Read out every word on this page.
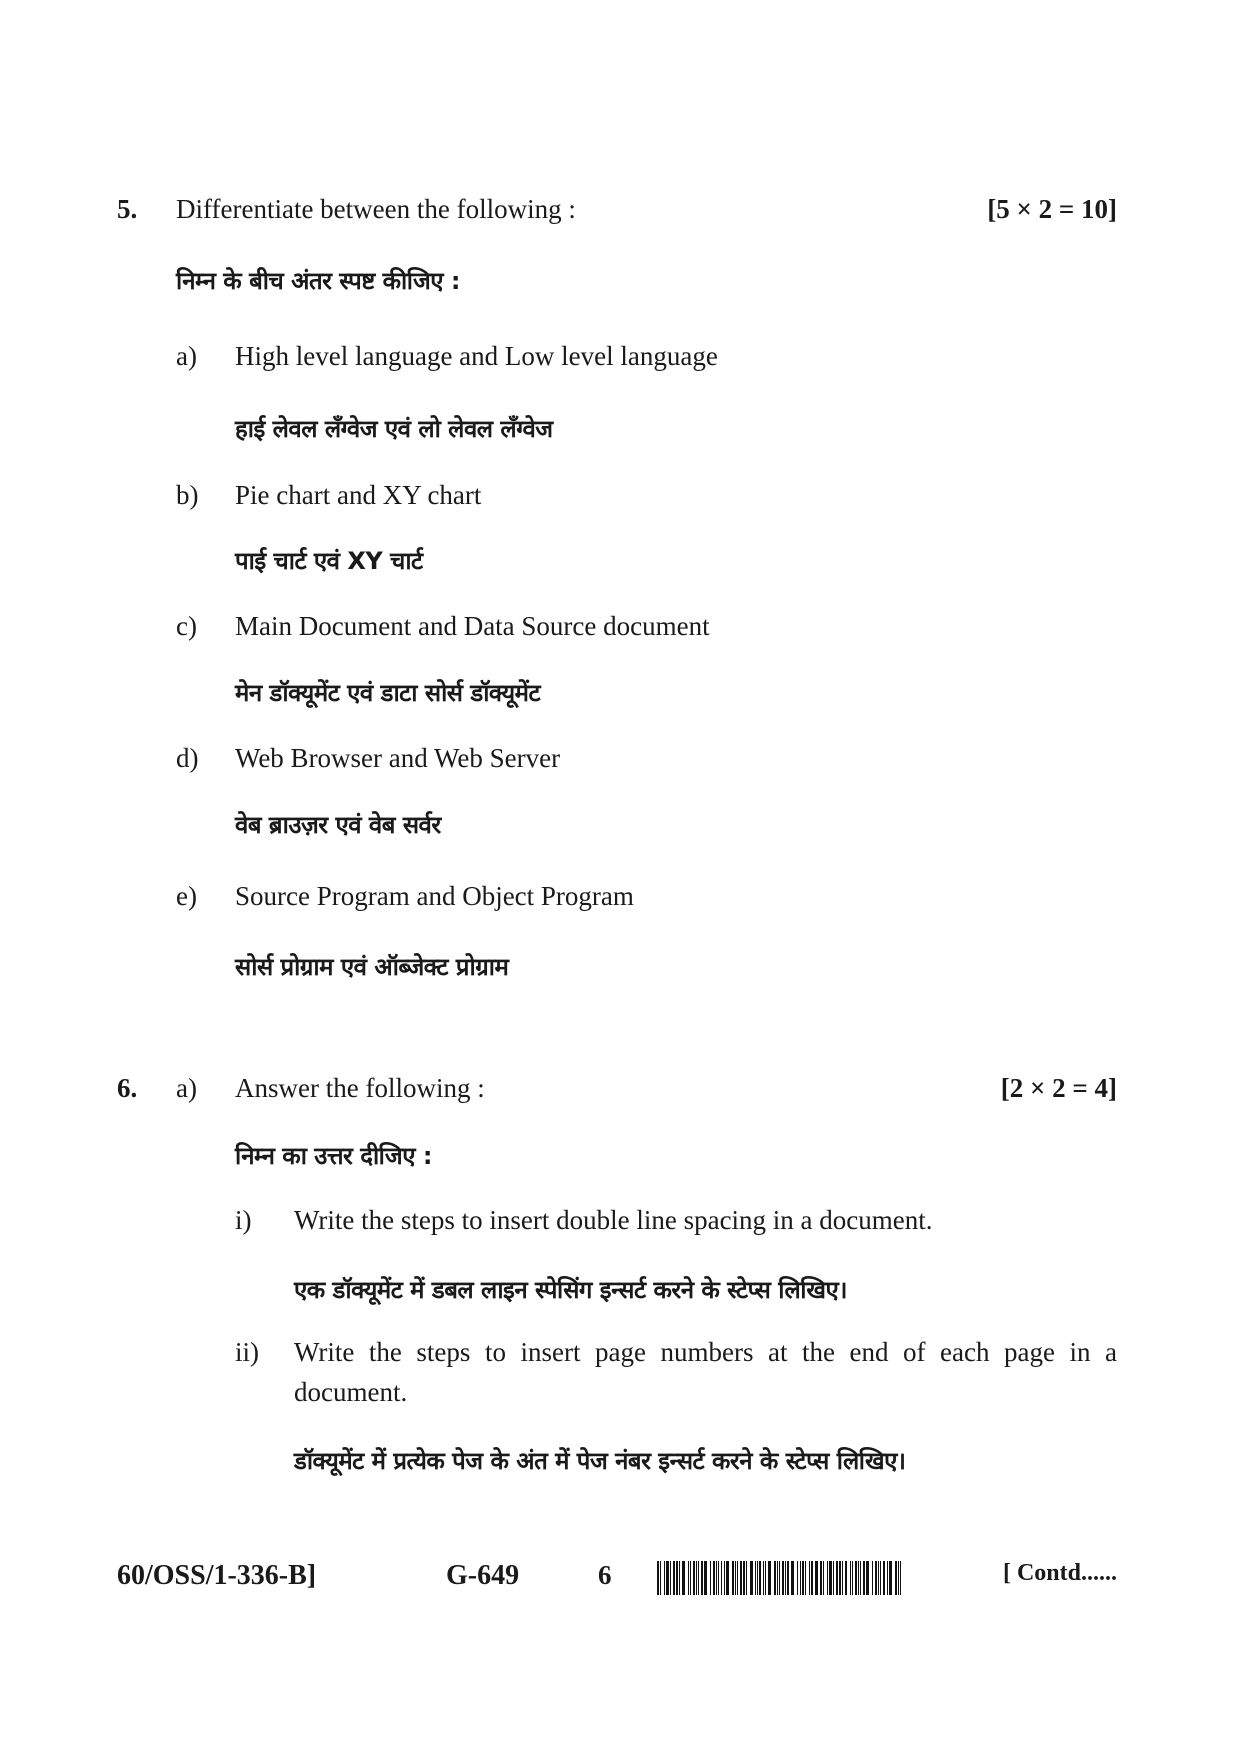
5. Differentiate between the following :	[5 × 2 = 10]
निम्न के बीच अंतर स्पष्ट कीजिए :
a) High level language and Low level language
हाई लेवल लँग्वेज एवं लो लेवल लँग्वेज
b) Pie chart and XY chart
पाई चार्ट एवं XY चार्ट
c) Main Document and Data Source document
मेन डॉक्यूमेंट एवं डाटा सोर्स डॉक्यूमेंट
d) Web Browser and Web Server
वेब ब्राउज़र एवं वेब सर्वर
e) Source Program and Object Program
सोर्स प्रोग्राम एवं ऑब्जेक्ट प्रोग्राम
6. a) Answer the following :	[2 × 2 = 4]
निम्न का उत्तर दीजिए :
i) Write the steps to insert double line spacing in a document.
एक डॉक्यूमेंट में डबल लाइन स्पेसिंग इन्सर्ट करने के स्टेप्स लिखिए।
ii) Write the steps to insert page numbers at the end of each page in a document.
डॉक्यूमेंट में प्रत्येक पेज के अंत में पेज नंबर इन्सर्ट करने के स्टेप्स लिखिए।
60/OSS/1-336-B]	G-649	6	[ Contd......
